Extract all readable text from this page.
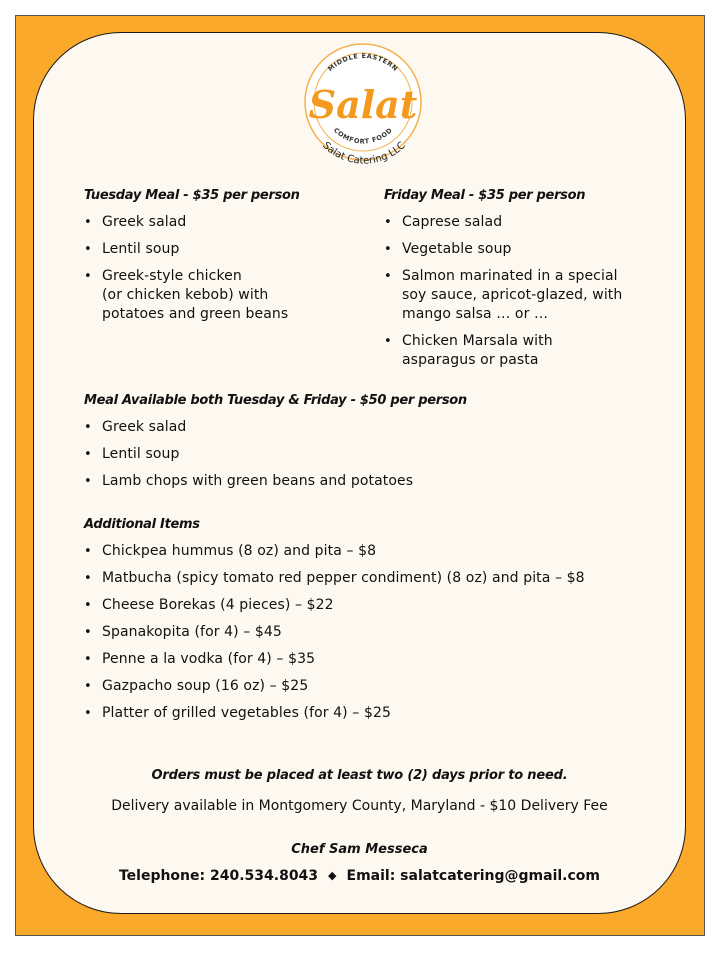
MIDDLE EASTERN
Salat
COMFORT FOOD
Salat Catering LLC
Tuesday Meal - $35 per person
• Greek salad
• Lentil soup
• Greek-style chicken
(or chicken kebob) with
potatoes and green beans
Friday Meal - $35 per person
• Caprese salad
• Vegetable soup
• Salmon marinated in a special
soy sauce, apricot-glazed, with
mango salsa … or …
• Chicken Marsala with
asparagus or pasta
Meal Available both Tuesday & Friday - $50 per person
• Greek salad
• Lentil soup
• Lamb chops with green beans and potatoes
Additional Items
• Chickpea hummus (8 oz) and pita – $8
• Matbucha (spicy tomato red pepper condiment) (8 oz) and pita – $8
• Cheese Borekas (4 pieces) – $22
• Spanakopita (for 4) – $45
• Penne a la vodka (for 4) – $35
• Gazpacho soup (16 oz) – $25
• Platter of grilled vegetables (for 4) – $25
Orders must be placed at least two (2) days prior to need.
Delivery available in Montgomery County, Maryland - $10 Delivery Fee
Chef Sam Messeca
Telephone: 240.534.8043 ◆ Email: salatcatering@gmail.com
